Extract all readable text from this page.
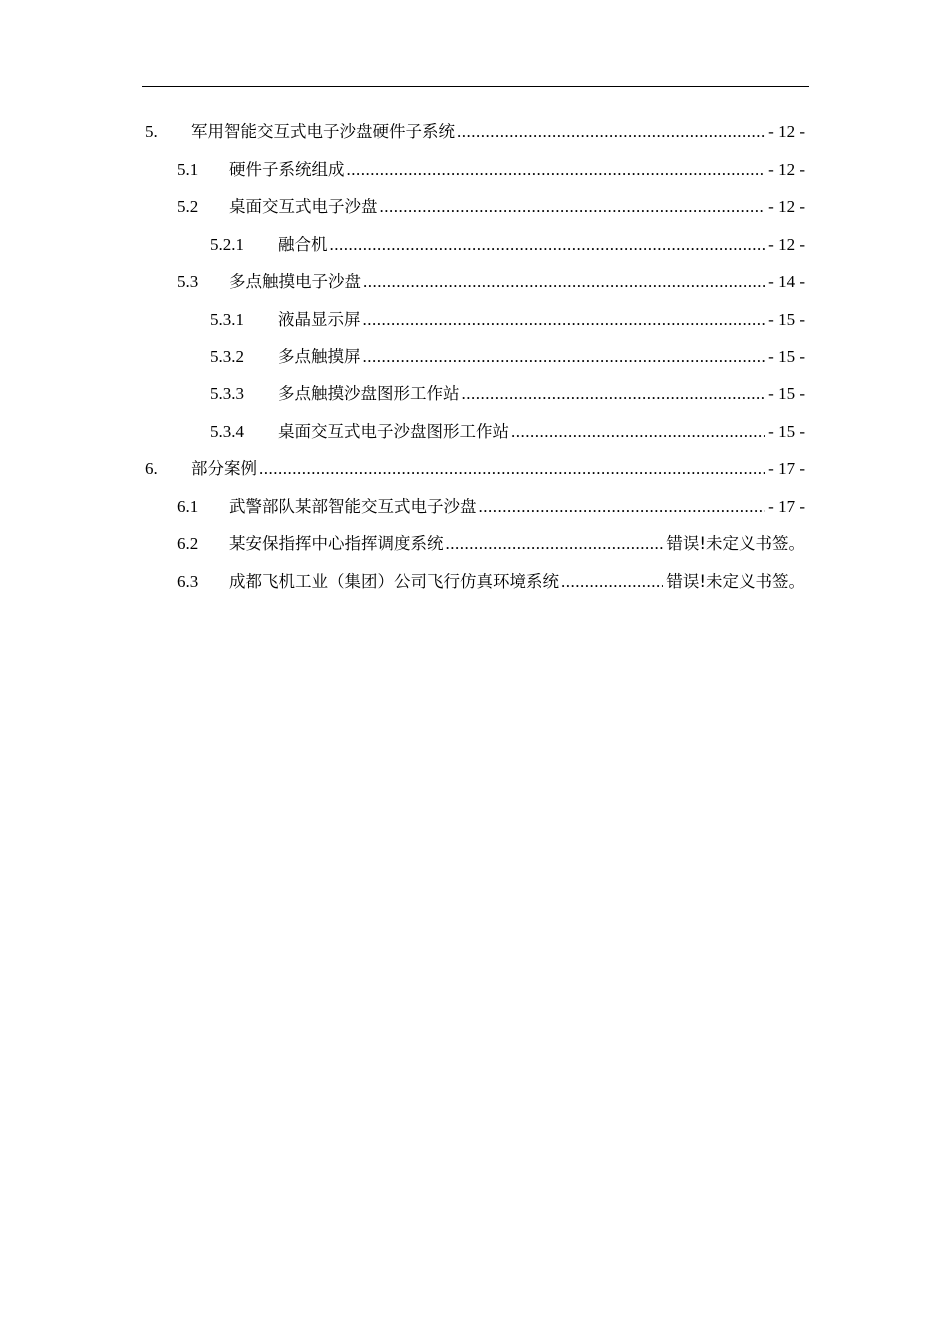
5.	军用智能交互式电子沙盘硬件子系统 .....	- 12 -
5.1	硬件子系统组成 .....	- 12 -
5.2	桌面交互式电子沙盘 .....	- 12 -
5.2.1	融合机 .....	- 12 -
5.3	多点触摸电子沙盘 .....	- 14 -
5.3.1	液晶显示屏 .....	- 15 -
5.3.2	多点触摸屏 .....	- 15 -
5.3.3	多点触摸沙盘图形工作站 .....	- 15 -
5.3.4	桌面交互式电子沙盘图形工作站 .....	- 15 -
6.	部分案例 .....	- 17 -
6.1	武警部队某部智能交互式电子沙盘 .....	- 17 -
6.2	某安保指挥中心指挥调度系统 .....	错误!未定义书签。
6.3	成都飞机工业（集团）公司飞行仿真环境系统 .....	错误!未定义书签。
